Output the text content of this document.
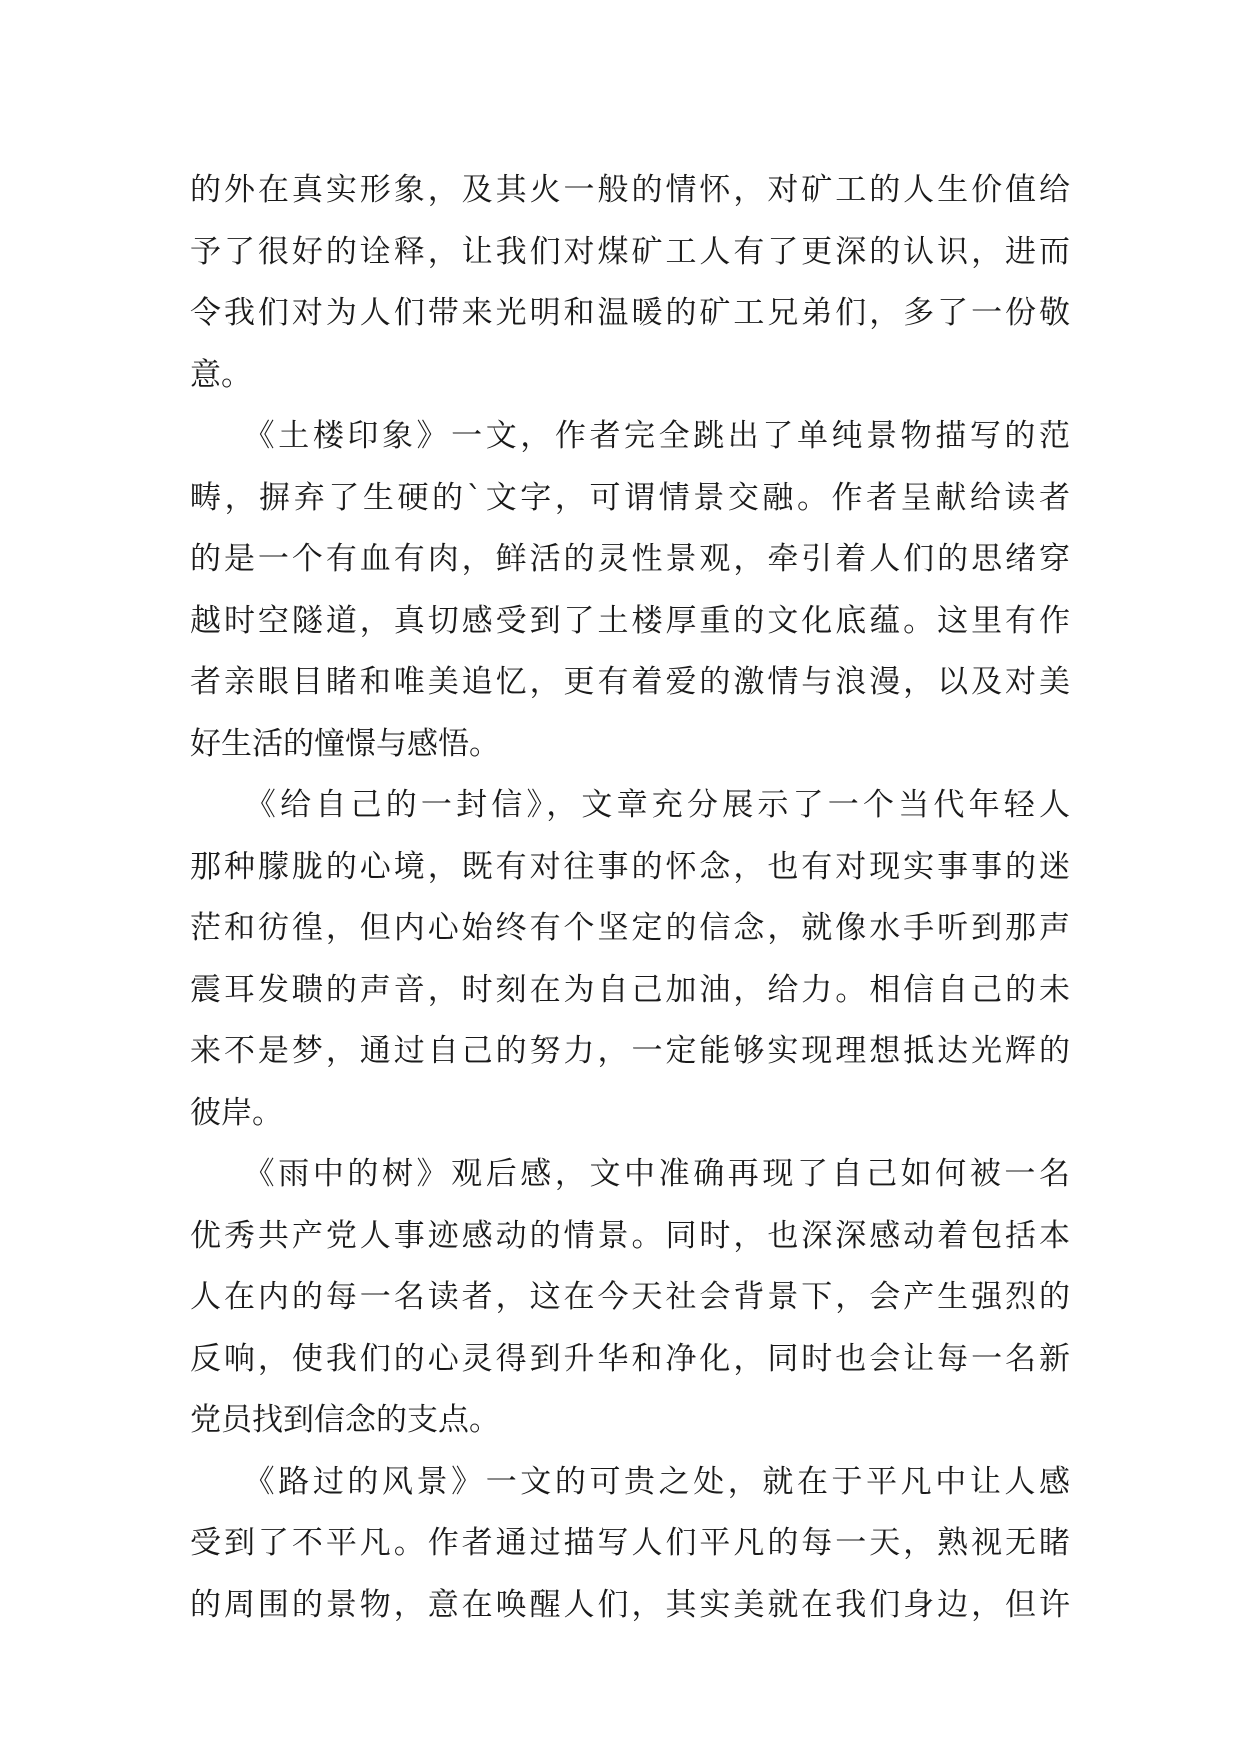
的外在真实形象，及其火一般的情怀，对矿工的人生价值给
予了很好的诠释，让我们对煤矿工人有了更深的认识，进而
令我们对为人们带来光明和温暖的矿工兄弟们，多了一份敬
意。
　　《土楼印象》一文，作者完全跳出了单纯景物描写的范
畴，摒弃了生硬的`文字，可谓情景交融。作者呈献给读者
的是一个有血有肉，鲜活的灵性景观，牵引着人们的思绪穿
越时空隧道，真切感受到了土楼厚重的文化底蕴。这里有作
者亲眼目睹和唯美追忆，更有着爱的激情与浪漫，以及对美
好生活的憧憬与感悟。
　　《给自己的一封信》，文章充分展示了一个当代年轻人
那种朦胧的心境，既有对往事的怀念，也有对现实事事的迷
茫和彷徨，但内心始终有个坚定的信念，就像水手听到那声
震耳发聩的声音，时刻在为自己加油，给力。相信自己的未
来不是梦，通过自己的努力，一定能够实现理想抵达光辉的
彼岸。
　　《雨中的树》观后感，文中准确再现了自己如何被一名
优秀共产党人事迹感动的情景。同时，也深深感动着包括本
人在内的每一名读者，这在今天社会背景下，会产生强烈的
反响，使我们的心灵得到升华和净化，同时也会让每一名新
党员找到信念的支点。
　　《路过的风景》一文的可贵之处，就在于平凡中让人感
受到了不平凡。作者通过描写人们平凡的每一天，熟视无睹
的周围的景物，意在唤醒人们，其实美就在我们身边，但许
